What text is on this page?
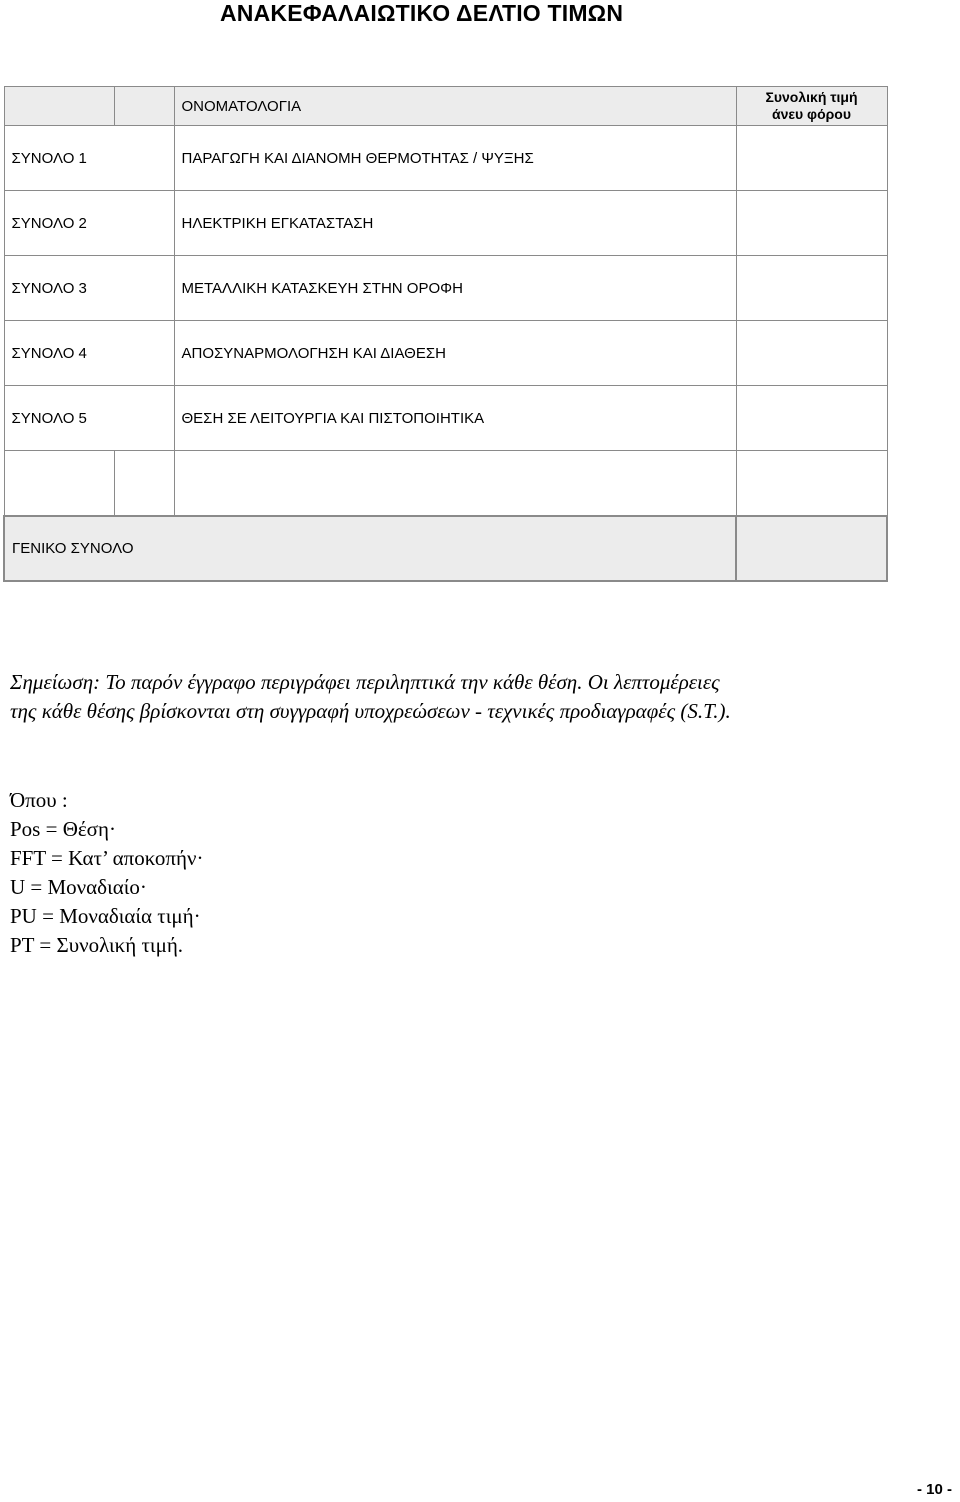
ΑΝΑΚΕΦΑΛΑΙΩΤΙΚΟ ΔΕΛΤΙΟ ΤΙΜΩΝ
		ΟΝΟΜΑΤΟΛΟΓΙΑ	Συνολική τιμή
άνευ φόρου
ΣΥΝΟΛΟ 1		ΠΑΡΑΓΩΓΗ ΚΑΙ ΔΙΑΝΟΜΗ ΘΕΡΜΟΤΗΤΑΣ / ΨΥΞΗΣ	
ΣΥΝΟΛΟ 2		ΗΛΕΚΤΡΙΚΗ ΕΓΚΑΤΑΣΤΑΣΗ	
ΣΥΝΟΛΟ 3		ΜΕΤΑΛΛΙΚΗ ΚΑΤΑΣΚΕΥΗ ΣΤΗΝ ΟΡΟΦΗ	
ΣΥΝΟΛΟ 4		ΑΠΟΣΥΝΑΡΜΟΛΟΓΗΣΗ ΚΑΙ ΔΙΑΘΕΣΗ	
ΣΥΝΟΛΟ 5		ΘΕΣΗ ΣΕ ΛΕΙΤΟΥΡΓΙΑ ΚΑΙ ΠΙΣΤΟΠΟΙΗΤΙΚΑ	

ΓΕΝΙΚΟ ΣΥΝΟΛΟ			
Σημείωση: Το παρόν έγγραφο περιγράφει περιληπτικά την κάθε θέση. Οι λεπτομέρειες
της κάθε θέσης βρίσκονται στη συγγραφή υποχρεώσεων - τεχνικές προδιαγραφές (S.T.).
Όπου :
Pos = Θέση·
FFT = Κατ’ αποκοπήν·
U = Μοναδιαίο·
PU = Μοναδιαία τιμή·
PT = Συνολική τιμή.
- 10 -
